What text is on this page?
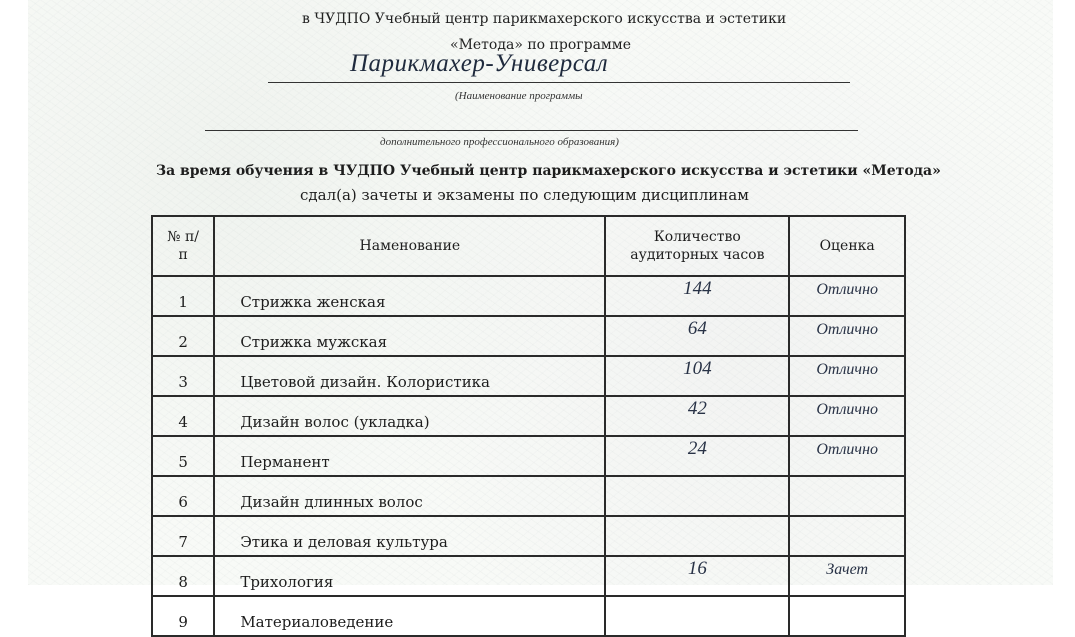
в ЧУДПО Учебный центр парикмахерского искусства и эстетики
«Метода» по программе
Парикмахер-Универсал
(Наименование программы
дополнительного профессионального образования)
За время обучения в ЧУДПО Учебный центр парикмахерского искусства и эстетики «Метода»
сдал(а) зачеты и экзамены по следующим дисциплинам
№ п/п	Наменование	Количество аудиторных часов	Оценка
1	Стрижка женская	144	Отлично
2	Стрижка мужская	64	Отлично
3	Цветовой дизайн. Колористика	104	Отлично
4	Дизайн волос (укладка)	42	Отлично
5	Перманент	24	Отлично
6	Дизайн длинных волос		
7	Этика и деловая культура		
8	Трихология	16	Зачет
9	Материаловедение		
